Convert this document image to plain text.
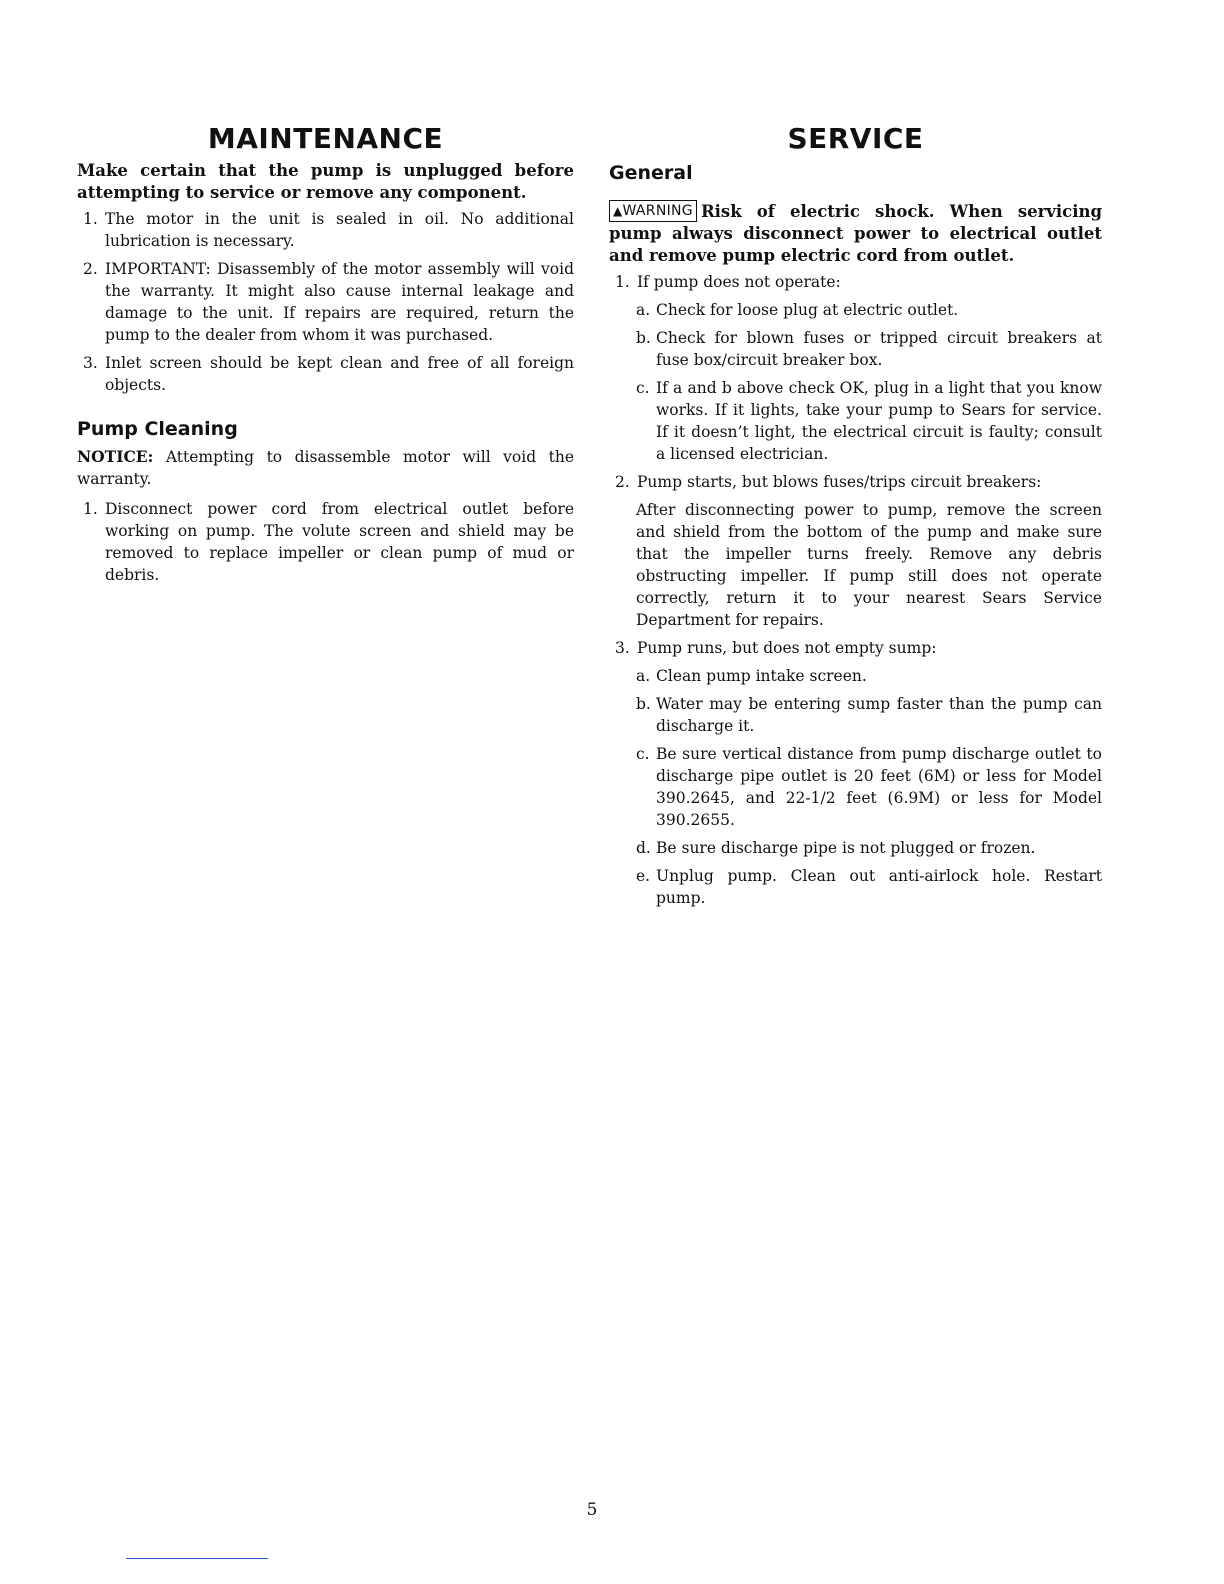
MAINTENANCE

Make certain that the pump is unplugged before attempting to service or remove any component.

1. The motor in the unit is sealed in oil. No additional lubrication is necessary.
2. IMPORTANT: Disassembly of the motor assembly will void the warranty. It might also cause internal leakage and damage to the unit. If repairs are required, return the pump to the dealer from whom it was purchased.
3. Inlet screen should be kept clean and free of all foreign objects.
Pump Cleaning

NOTICE: Attempting to disassemble motor will void the warranty.

1. Disconnect power cord from electrical outlet before working on pump. The volute screen and shield may be removed to replace impeller or clean pump of mud or debris.
SERVICE
General

▲WARNING Risk of electric shock. When servicing pump always disconnect power to electrical outlet and remove pump electric cord from outlet.

1. If pump does not operate:
a. Check for loose plug at electric outlet.
b. Check for blown fuses or tripped circuit breakers at fuse box/circuit breaker box.
c. If a and b above check OK, plug in a light that you know works. If it lights, take your pump to Sears for service. If it doesn’t light, the electrical circuit is faulty; consult a licensed electrician.
2. Pump starts, but blows fuses/trips circuit breakers:

After disconnecting power to pump, remove the screen and shield from the bottom of the pump and make sure that the impeller turns freely. Remove any debris obstructing impeller. If pump still does not operate correctly, return it to your nearest Sears Service Department for repairs.

3. Pump runs, but does not empty sump:
a. Clean pump intake screen.
b. Water may be entering sump faster than the pump can discharge it.
c. Be sure vertical distance from pump discharge outlet to discharge pipe outlet is 20 feet (6M) or less for Model 390.2645, and 22-1/2 feet (6.9M) or less for Model 390.2655.
d. Be sure discharge pipe is not plugged or frozen.
e. Unplug pump. Clean out anti-airlock hole. Restart pump.
5
